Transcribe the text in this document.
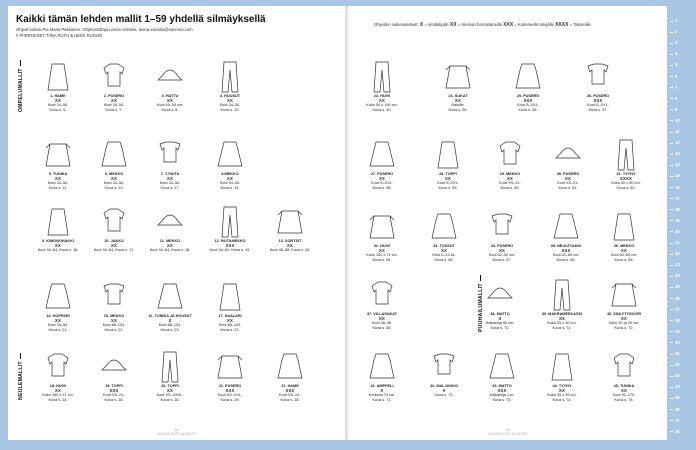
Kaikki tämän lehden mallit 1–59 yhdellä silmäyksellä
Ohjeet kokosi Pia Maria Pekkanen. Ohjetoimittaja Leena Vainiola, leena.vainiola@sanoma.com
// PIIRROKSET TIINA RUTH & HEIDI RUOHO
Ohjeiden vaikeusasteet: X = Aloittelijalle XX = Hieman harrastaneille XXX = Kokeneelle tekijälle XXXX = Taitureille
OMPELUMALLIT
NEULEMALLIT
PUUHAILUMALLIT
1. HAME
XX
Koot 34–54.
Kuva s. 6.
2. PUSERO
XX
Koot 34–54.
Kuva s. 7.
3. HATTU
XX
Koot 49–55 cm.
Kuva s. 8.
4. HOUSUT
XX
Koot 34–54.
Kuva s. 10.
5. TUNIKA
XX
Koot 34–54.
Kuva s. 11.
6. MEKKO
XX
Koot 34–54.
Kuva s. 13.
7. T-PAITA
XX
Koot 34–54.
Kuva s. 17.
8.MEKKO
XX
Koot 34–54.
Kuva s. 14.
9. KIMONOHAKKI
XX
Koot 34–54. Kuva s. 16.
10. JAKKU
XX
Koot 34–54. Kuva s. 17.
11. MEKKO
XX
Koot 34–54. Kuva s. 18.
12. PAITAMEKKO
XXX
Koot 34–54. Kuva s. 19.
13. SORTSIT
XX
Koot 48–58. Kuva s. 20.
14. HOPPARI
XX
Koot 34–54.
Kuva s. 21.
15. MEKKO
XX
Koot 68–104.
Kuva s. 22.
16. TUNIKA JA HOUSUT
X
Koot 68–104.
Kuva s. 23.
17. HAALARI
XX
Koot 68–104.
Kuva s. 23.
18. HUIVI
XX
Koko 160 x 37 cm.
Kuva s. 24.
19. TOPPI
XXX
Koot XS–XL.
Kuva s. 26.
20. TOPPI
XX
Koot XS–XXXL.
Kuva s. 26.
21. PUSERO
XXX
Koot XS–XXL.
Kuva s. 29.
22. HAME
XXX
Koot XS–XL.
Kuva s. 28.
23. HUIVI
XX
Koko 50 x 190 cm.
Kuva s. 30.
24. SUKAT
XX
Naisille.
Kuva s. 55.
25. PUSERO
XXX
Koot S–XXL.
Kuva s. 56.
26. PUSERO
XXX
Koot S–XXL.
Kuva s. 57.
27. PUSERO
XX
Koot S–XXL.
Kuva s. 58.
28. TOPPI
XX
Koot S–XXL.
Kuva s. 59.
29. MEKKO
XX
Koot XS–XL.
Kuva s. 60.
30. PUSERO
XX
Koot XS–XL.
Kuva s. 61.
31. TYYNY
XXXX
Koko 50 x 50 cm.
Kuva s. 62.
32. HUIVI
XX
Koko 150 x 71 cm.
Kuva s. 64.
33. TOSSUT
XX
Koot 0–12 kk.
Kuva s. 65.
34. PUSERO
XX
Koot 62–92 cm.
Kuva s. 67.
35. NEULETAKKI
XXX
Koot 62–80 cm.
Kuva s. 66.
36. MEKKO
XX
Koot 62–80 cm.
Kuva s. 66.
37. VILLASUKAT
XX
Koot 38–39.
Kuva s. 68.
38. MATTO
X
Halkaisija 50 cm.
Kuva s. 70.
39. MAKRAMEEKASSI
XX
Koko 25 x 30 cm.
Kuva s. 71.
40. SÄILYTYSKORI
XX
Koko 30 (a 25 cm.
Kuva s. 72.
41. AMPPELI
X
Korkeus 70 cm.
Kuva s. 73.
42. MALJAKKO
X
Kuva s. 73.
43. MATTO
XXX
Halkaisija 1 m.
Kuva s. 75.
44. TYYNY
XX
Koko 35 x 35 cm.
Kuva s. 74.
45. TUNIKA
XX
Koot 92–170.
Kuva s. 78.
18
KAUNIS KOTI JA MUOTI
19
KAUNIS KOTI JA MUOTI
1
2
3
4
5
6
7
8
9
10
11
12
13
14
15
16
17
18
19
20
21
22
23
24
25
26
27
28
29
30
31
32
33
34
35
36
37
38
